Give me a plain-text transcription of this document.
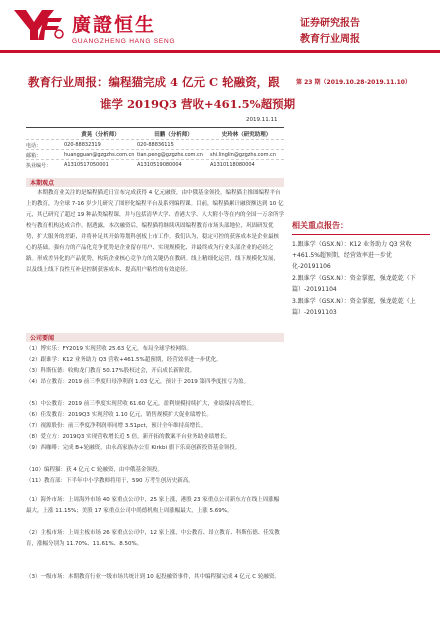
廣證恒生
GUANGZHENG HANG SENG
证券研究报告
教育行业周报
教育行业周报：编程猫完成 4 亿元 C 轮融资，跟	第 23 期（2019.10.28-2019.11.10）
谁学 2019Q3 营收+461.5%超预期
2019.11.11
黄晃（分析师）	田鹏（分析师）	史玲林（研究助理）
电话：	020-88832319	020-88836115
邮箱：	huangguan@gzgzhs.com.cn tian.peng@gzgzhs.com.cn	shi.linglin@gzgzhs.com.cn
执业编号：	A1310517050001	A1310519080004	A1310118080004
本期观点
本期教育业关注的是编程猫近日宣布完成获得 4 亿元融资，由中俄基金领投。编程猫主推图编程平台上的教育，为全球 7-16 岁少儿研究了图形化编程平台及系列编程课。目前，编程猫累计融资额达到 10 亿元，其已研究了超过 19 种品类编程课，并与包括清华大学、香港大学、人大附小等在内的全国一万余所学校与教育机构达成合作。据透露，本次融资后，编程猫将继续巩固编程教育市场头部地位，巩固研发优势，扩大服务的差距，并将补足其开始筹划科创板上市工作。我们认为，稳定可控的获客成本是企业最核心的基础。强有力的产品化竞争优势是企业留存用户、实现规模化、并最终成为行业头部企业的必经之路。形成差异化的产品优势，构筑企业核心竞争力的关键仍在教研。线上精细化运营，线下规模化发展，以及线上线下良性互补是控制获客成本、提高用户粘性的有效途径。
公司要闻
（1）博实乐：FY2019 实现营收 25.63 亿元，布局全球学校网络。
（2）跟谁学：K12 业务助力 Q3 营收+461.5%超预期，经营效率进一步优化。
（3）科斯伍德：收购龙门教育 50.17%股权过会，开启成长新阶段。
（4）昂立教育：2019 前三季度归母净利润 1.03 亿元，预计于 2019 第四季度扭亏为盈。
（5）中公教育：2019 前三季度实现营收 61.60 亿元，盈利规模持续扩大，业绩保持高增长。
（6）佳发教育：2019Q3 实现营收 1.10 亿元，销售规模扩大促业绩增长。
（7）视源股份：前三季度净利润率同增 3.51pct，预计全年维持高增长。
（8）爱立方：2019Q3 实现营收增长近 5 倍，新开拓的教案平台业务助业绩增长。
（9）西咖啡：完成 B+轮融资，由永高家族办公室 Kirkbi 旗下乐高创新投资基金领投。
（10）编程猫：获 4 亿元 C 轮融资，由中俄基金领投。
（11）教育部：下半年中小学教师将用于，590 万考生创历史新高。
（1）海外市场：上周海外市场 40 家重点公司中，25 家上涨，港股 23 家重点公司新东方在线上周涨幅最大，上涨 11.15%；美股 17 家重点公司中尚德机构上周涨幅最大，上涨 5.69%。
（2）主板市场：上周主板市场 26 家重点公司中，12 家上涨，中公教育、昂立教育、科斯伍德、佳发教育，涨幅分别为 11.70%、11.61%、8.50%。
（3）一级市场：本期教育行业一级市场共统计到 10 起投融资事件，其中编程猫完成 4 亿元 C 轮融资。
相关重点报告：
1.跟谁学（GSX.N）：K12 业务助力 Q3 营收+461.5%超预期，经营效率进一步优化-20191106
2.跟谁学（GSX.N）：资金掌握，强龙乾乾（下篇）-20191104
3.跟谁学（GSX.N）：资金掌握，强龙乾乾（上篇）-20191103
